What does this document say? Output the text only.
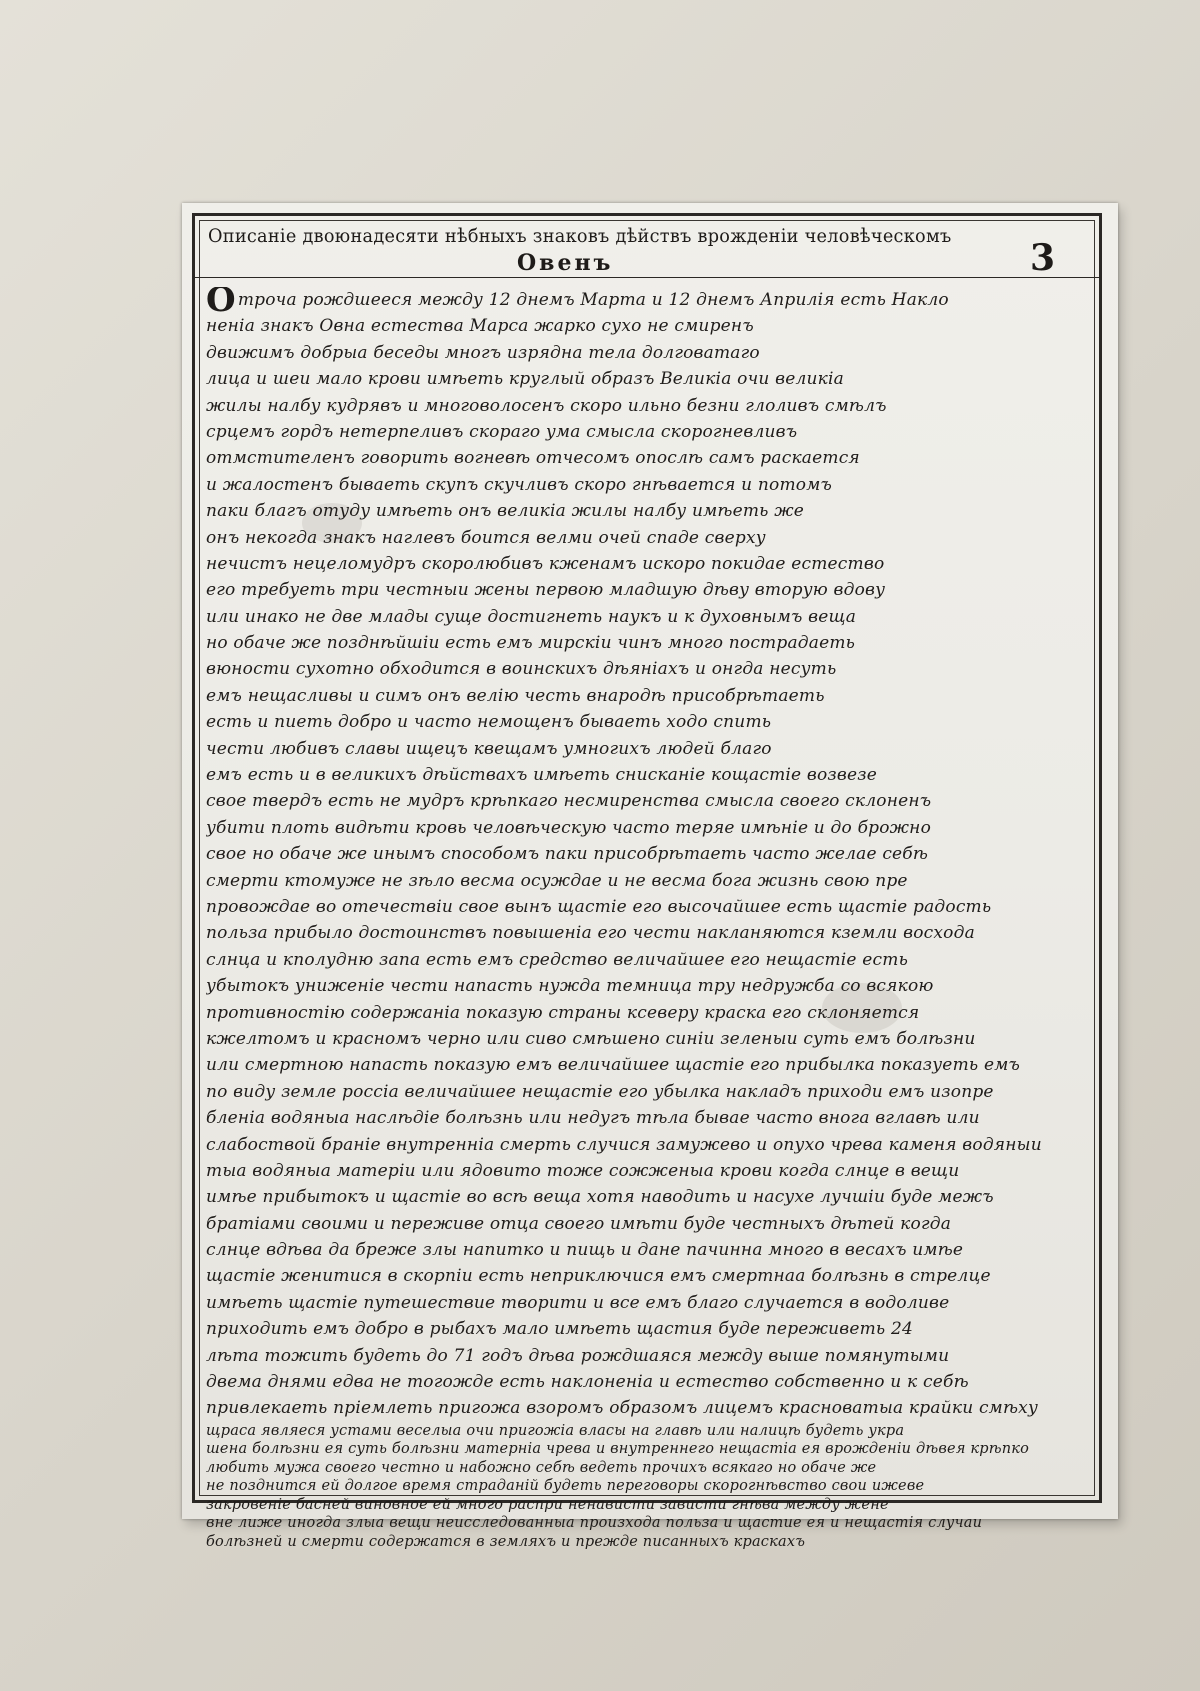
Описаніе двоюнадесяти нѣбныхъ знаковъ дѣйствъ врожденіи человѣческомъ
Овенъ	3
Отроча рождшееся между 12 днемъ Марта и 12 днемъ Априлія есть Накло
неніа знакъ Овна естества Марса жарко сухо не смиренъ
движимъ добрыа беседы многъ изрядна тела долговатаго
лица и шеи мало крови имѣеть круглый образъ Великіа очи великіа
жилы налбу кудрявъ и многоволосенъ скоро ильно безни глоливъ смѣлъ
срцемъ гордъ нетерпеливъ скораго ума смысла скорогневливъ
отмстителенъ говорить вогневѣ отчесомъ опослѣ самъ раскается
и жалостенъ бываеть скупъ скучливъ скоро гнѣвается и потомъ
паки благъ отуду имѣеть онъ великіа жилы налбу имѣеть же
онъ некогда знакъ наглевъ боится велми очей спаде сверху
нечистъ нецеломудръ скоролюбивъ кженамъ искоро покидае естество
его требуеть три честныи жены первою младшую дѣву вторую вдову
или инако не две млады суще достигнеть наукъ и к духовнымъ веща
но обаче же позднѣйшіи есть емъ мирскіи чинъ много пострадаеть
вюности сухотно обходится в воинскихъ дѣяніахъ и онгда несуть
емъ нещасливы и симъ онъ велію честь внародѣ присобрѣтаеть
есть и пиеть добро и часто немощенъ бываеть ходо спить
чести любивъ славы ищецъ квещамъ умногихъ людей благо
емъ есть и в великихъ дѣйствахъ имѣеть снисканіе кощастіе возвезе
свое твердъ есть не мудръ крѣпкаго несмиренства смысла своего склоненъ
убити плоть видѣти кровь человѣческую часто теряе имѣніе и до брожно
свое но обаче же инымъ способомъ паки присобрѣтаеть часто желае себѣ
смерти ктомуже не зѣло весма осуждае и не весма бога жизнь свою пре
провождае во отечествіи свое вынъ щастіе его высочайшее есть щастіе радость
польза прибыло достоинствъ повышеніа его чести накланяются кземли восхода
слнца и кполудню запа есть емъ средство величайшее его нещастіе есть
убытокъ униженіе чести напасть нужда темница тру недружба со всякою
противностію содержаніа показую страны ксеверу краска его склоняется
кжелтомъ и красномъ черно или сиво смѣшено синіи зеленыи суть емъ болѣзни
или смертною напасть показую емъ величайшее щастіе его прибылка показуеть емъ
по виду земле россіа величайшее нещастіе его убылка накладъ приходи емъ изопре
бленіа водяныа наслѣдіе болѣзнь или недугъ тѣла бывае часто внога вглавѣ или
слабоствой браніе внутренніа смерть случися замужево и опухо чрева каменя водяныи
тыа водяныа матеріи или ядовито тоже сожженыа крови когда слнце в вещи
имѣе прибытокъ и щастіе во всѣ веща хотя наводить и насухе лучшіи буде межъ
братіами своими и переживе отца своего имѣти буде честныхъ дѣтей когда
слнце вдѣва да бреже злы напитко и пищь и дане пачинна много в весахъ имѣе
щастіе женитися в скорпіи есть неприключися емъ смертнаа болѣзнь в стрелце
имѣеть щастіе путешествие творити и все емъ благо случается в водоливе
приходить емъ добро в рыбахъ мало имѣеть щастия буде переживеть 24
лѣта тожить будеть до 71 годъ дѣва рождшаяся между выше помянутыми
двема днями едва не тогожде есть наклоненіа и естество собственно и к себѣ
привлекаеть пріемлеть пригожа взоромъ образомъ лицемъ красноватыа крайки смѣху
щраса являеся устами веселыа очи пригожіа власы на главѣ или налицѣ будеть укра
шена болѣзни ея суть болѣзни матерніа чрева и внутреннего нещастіа ея врожденіи дѣвея крѣпко
любить мужа своего честно и набожно себѣ ведеть прочихъ всякаго но обаче же
не позднится ей долгое время страданій будеть переговоры скорогнѣвство свои ижеве
закровеніе басней виновное ей много распри ненависти зависти гнѣва между жене
вне лиже иногда злыа вещи неисследованныа произхода польза и щастие ея и нещастія случаи
болѣзней и смерти содержатся в земляхъ и прежде писанныхъ краскахъ
